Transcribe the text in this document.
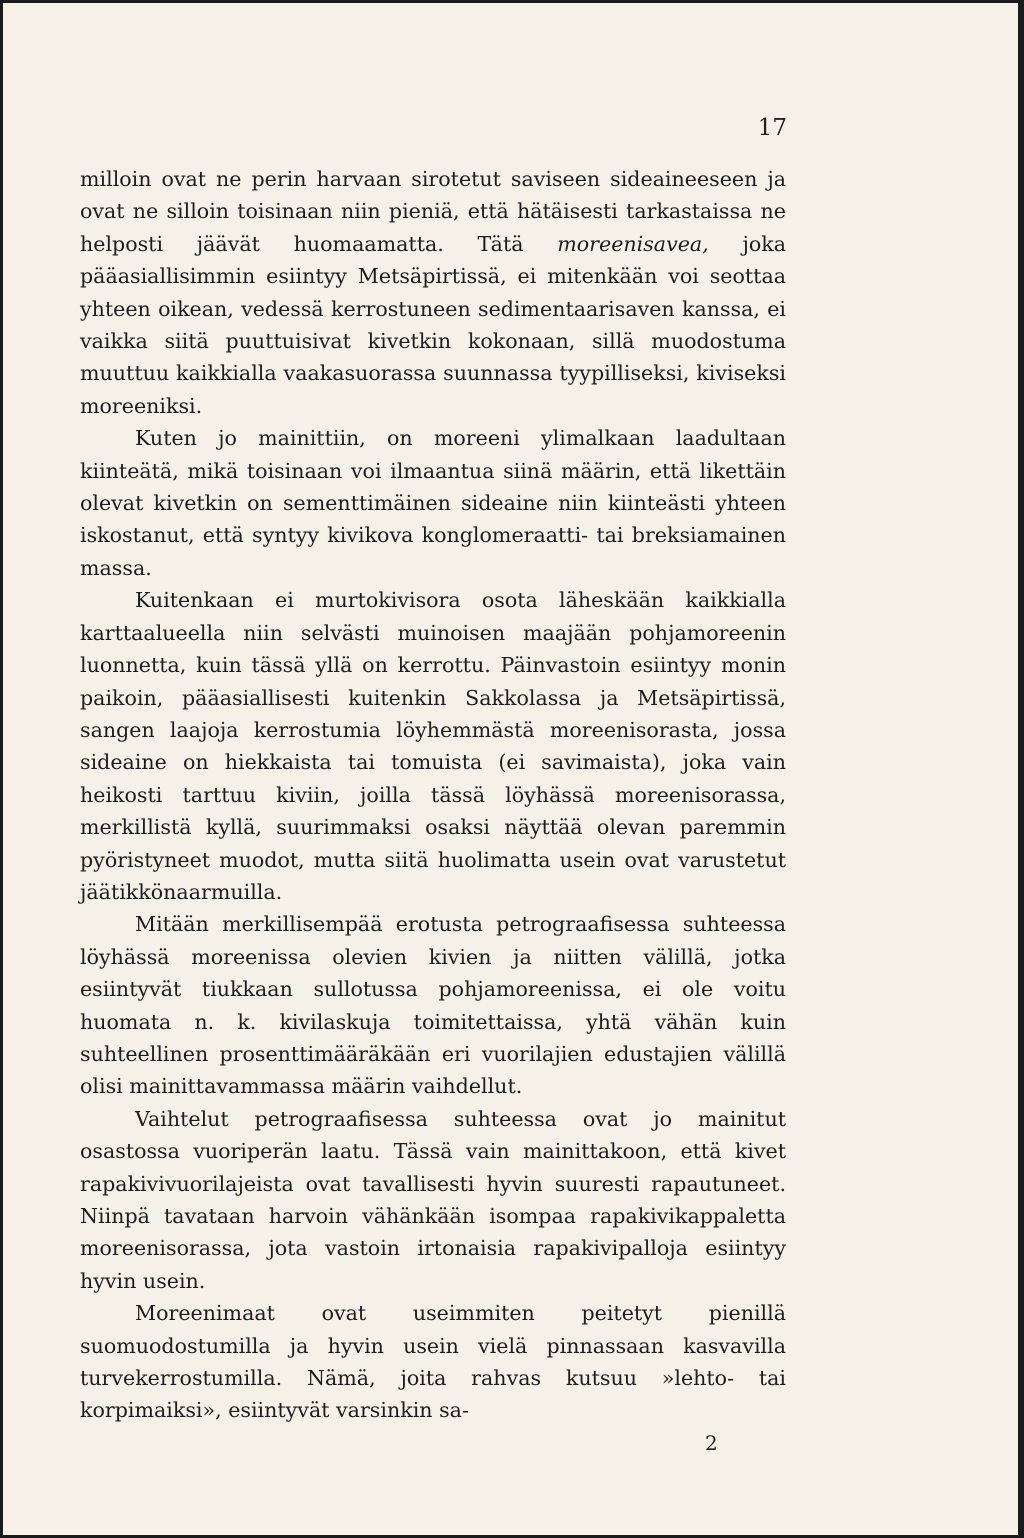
17

milloin ovat ne perin harvaan sirotetut saviseen sideaineeseen ja ovat ne silloin toisinaan niin pieniä, että hätäisesti tarkastaissa ne helposti jäävät huomaamatta. Tätä moreenisavea, joka pääasiallisimmin esiintyy Metsäpirtissä, ei mitenkään voi seottaa yhteen oikean, vedessä kerrostuneen sedimentaarisaven kanssa, ei vaikka siitä puuttuisivat kivetkin kokonaan, sillä muodostuma muuttuu kaikkialla vaakasuorassa suunnassa tyypilliseksi, kiviseksi moreeniksi.

Kuten jo mainittiin, on moreeni ylimalkaan laadultaan kiinteätä, mikä toisinaan voi ilmaantua siinä määrin, että likettäin olevat kivetkin on sementtimäinen sideaine niin kiinteästi yhteen iskostanut, että syntyy kivikova konglomeraatti- tai breksiamainen massa.

Kuitenkaan ei murtokivisora osota läheskään kaikkialla karttaalueella niin selvästi muinoisen maajään pohjamoreenin luonnetta, kuin tässä yllä on kerrottu. Päinvastoin esiintyy monin paikoin, pääasiallisesti kuitenkin Sakkolassa ja Metsäpirtissä, sangen laajoja kerrostumia löyhemmästä moreenisorasta, jossa sideaine on hiekkaista tai tomuista (ei savimaista), joka vain heikosti tarttuu kiviin, joilla tässä löyhässä moreenisorassa, merkillistä kyllä, suurimmaksi osaksi näyttää olevan paremmin pyöristyneet muodot, mutta siitä huolimatta usein ovat varustetut jäätikkönaarmuilla.

Mitään merkillisempää erotusta petrograafisessa suhteessa löyhässä moreenissa olevien kivien ja niitten välillä, jotka esiintyvät tiukkaan sullotussa pohjamoreenissa, ei ole voitu huomata n. k. kivilaskuja toimitettaissa, yhtä vähän kuin suhteellinen prosenttimääräkään eri vuorilajien edustajien välillä olisi mainittavammassa määrin vaihdellut.

Vaihtelut petrograafisessa suhteessa ovat jo mainitut osastossa vuoriperän laatu. Tässä vain mainittakoon, että kivet rapakivivuorilajeista ovat tavallisesti hyvin suuresti rapautuneet. Niinpä tavataan harvoin vähänkään isompaa rapakivikappaletta moreenisorassa, jota vastoin irtonaisia rapakivipalloja esiintyy hyvin usein.

Moreenimaat ovat useimmiten peitetyt pienillä suomuodostumilla ja hyvin usein vielä pinnassaan kasvavilla turvekerrostumilla. Nämä, joita rahvas kutsuu »lehto- tai korpimaiksi», esiintyvät varsinkin sa-

2
